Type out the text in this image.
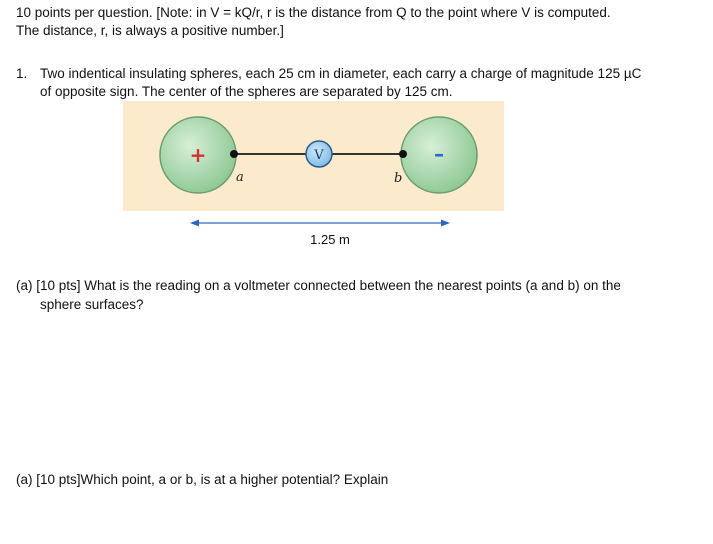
10 points per question. [Note: in V = kQ/r, r is the distance from Q to the point where V is computed.
The distance, r, is always a positive number.]
1. Two indentical insulating spheres, each 25 cm in diameter, each carry a charge of magnitude 125 µC
of opposite sign. The center of the spheres are separated by 125 cm.
+	–
a	b
V
1.25 m
(a) [10 pts] What is the reading on a voltmeter connected between the nearest points (a and b) on the
sphere surfaces?
(a) [10 pts]Which point, a or b, is at a higher potential? Explain
